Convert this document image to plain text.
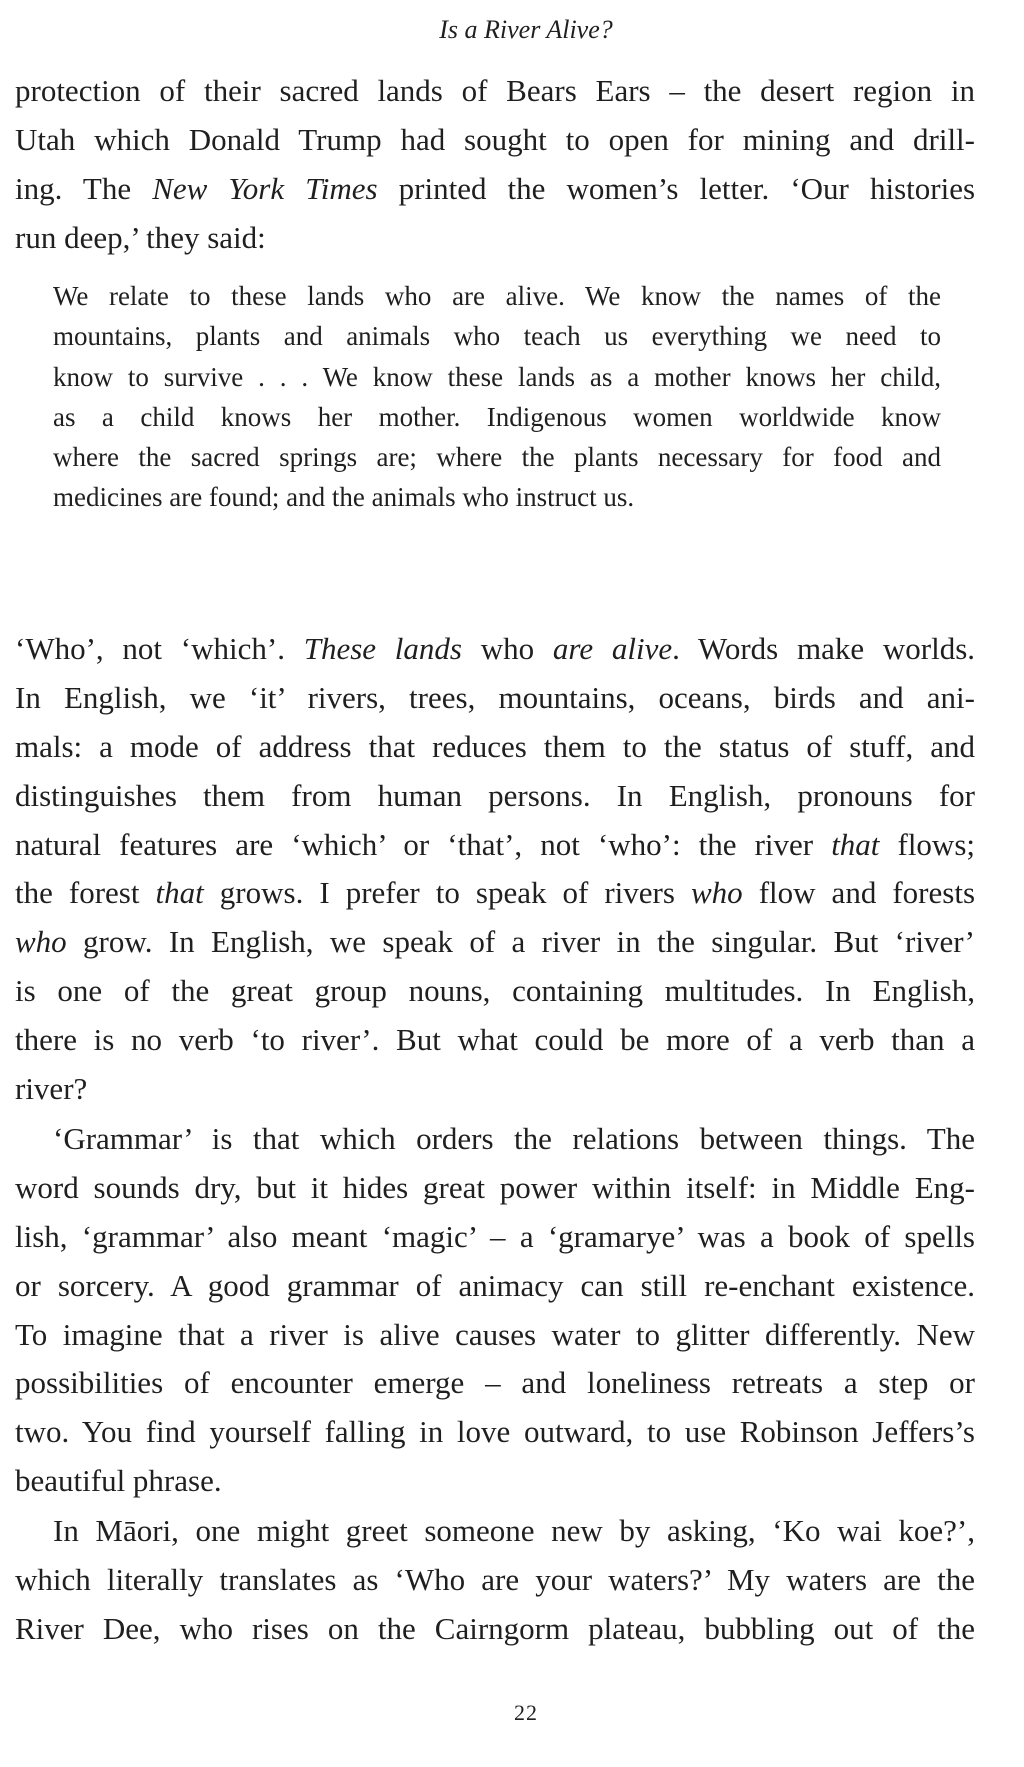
Is a River Alive?
protection of their sacred lands of Bears Ears – the desert region in
Utah which Donald Trump had sought to open for mining and drill-
ing. The New York Times printed the women’s letter. ‘Our histories
run deep,’ they said:
We relate to these lands who are alive. We know the names of the
mountains, plants and animals who teach us everything we need to
know to survive . . . We know these lands as a mother knows her child,
as a child knows her mother. Indigenous women worldwide know
where the sacred springs are; where the plants necessary for food and
medicines are found; and the animals who instruct us.
‘Who’, not ‘which’. These lands who are alive. Words make worlds.
In English, we ‘it’ rivers, trees, mountains, oceans, birds and ani-
mals: a mode of address that reduces them to the status of stuff, and
distinguishes them from human persons. In English, pronouns for
natural features are ‘which’ or ‘that’, not ‘who’: the river that flows;
the forest that grows. I prefer to speak of rivers who flow and forests
who grow. In English, we speak of a river in the singular. But ‘river’
is one of the great group nouns, containing multitudes. In English,
there is no verb ‘to river’. But what could be more of a verb than a
river?
‘Grammar’ is that which orders the relations between things. The
word sounds dry, but it hides great power within itself: in Middle Eng-
lish, ‘grammar’ also meant ‘magic’ – a ‘gramarye’ was a book of spells
or sorcery. A good grammar of animacy can still re-enchant existence.
To imagine that a river is alive causes water to glitter differently. New
possibilities of encounter emerge – and loneliness retreats a step or
two. You find yourself falling in love outward, to use Robinson Jeffers’s
beautiful phrase.
In Māori, one might greet someone new by asking, ‘Ko wai koe?’,
which literally translates as ‘Who are your waters?’ My waters are the
River Dee, who rises on the Cairngorm plateau, bubbling out of the
22
